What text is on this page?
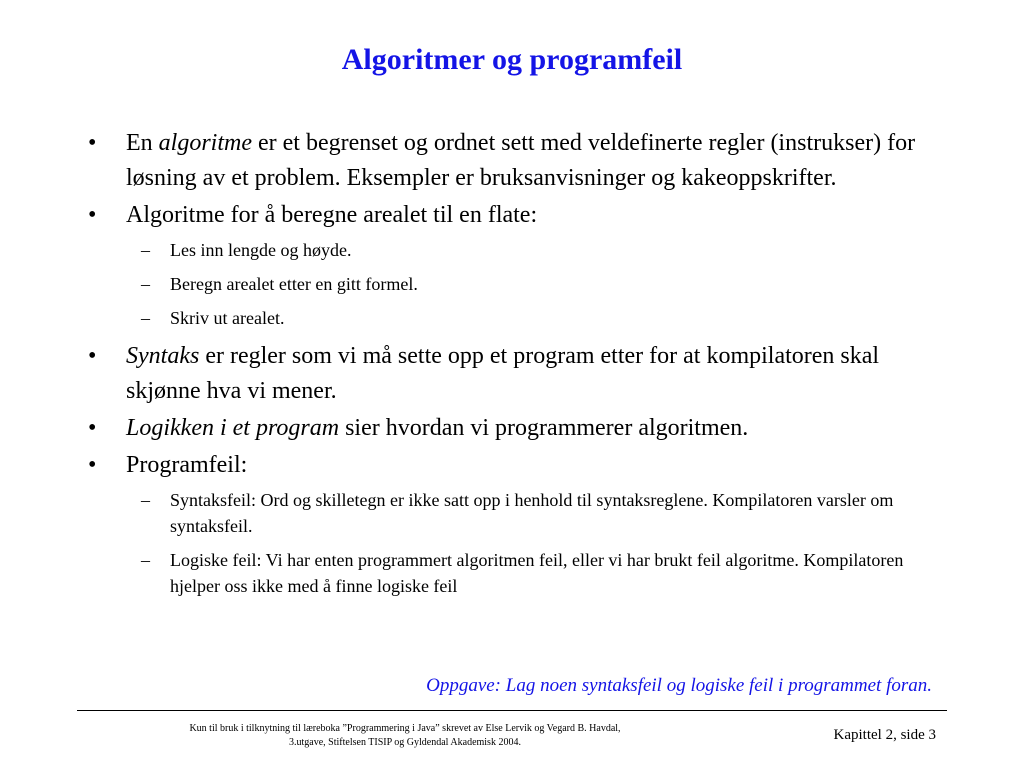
Algoritmer og programfeil
• En algoritme er et begrenset og ordnet sett med veldefinerte regler (instrukser) for løsning av et problem. Eksempler er bruksanvisninger og kakeoppskrifter.
• Algoritme for å beregne arealet til en flate:
– Les inn lengde og høyde.
– Beregn arealet etter en gitt formel.
– Skriv ut arealet.
• Syntaks er regler som vi må sette opp et program etter for at kompilatoren skal skjønne hva vi mener.
• Logikken i et program sier hvordan vi programmerer algoritmen.
• Programfeil:
– Syntaksfeil: Ord og skilletegn er ikke satt opp i henhold til syntaksreglene. Kompilatoren varsler om syntaksfeil.
– Logiske feil: Vi har enten programmert algoritmen feil, eller vi har brukt feil algoritme. Kompilatoren hjelper oss ikke med å finne logiske feil
Oppgave: Lag noen syntaksfeil og logiske feil i programmet foran.
Kun til bruk i tilknytning til læreboka ”Programmering i Java” skrevet av Else Lervik og Vegard B. Havdal,
3.utgave, Stiftelsen TISIP og Gyldendal Akademisk 2004.	Kapittel 2, side 3
